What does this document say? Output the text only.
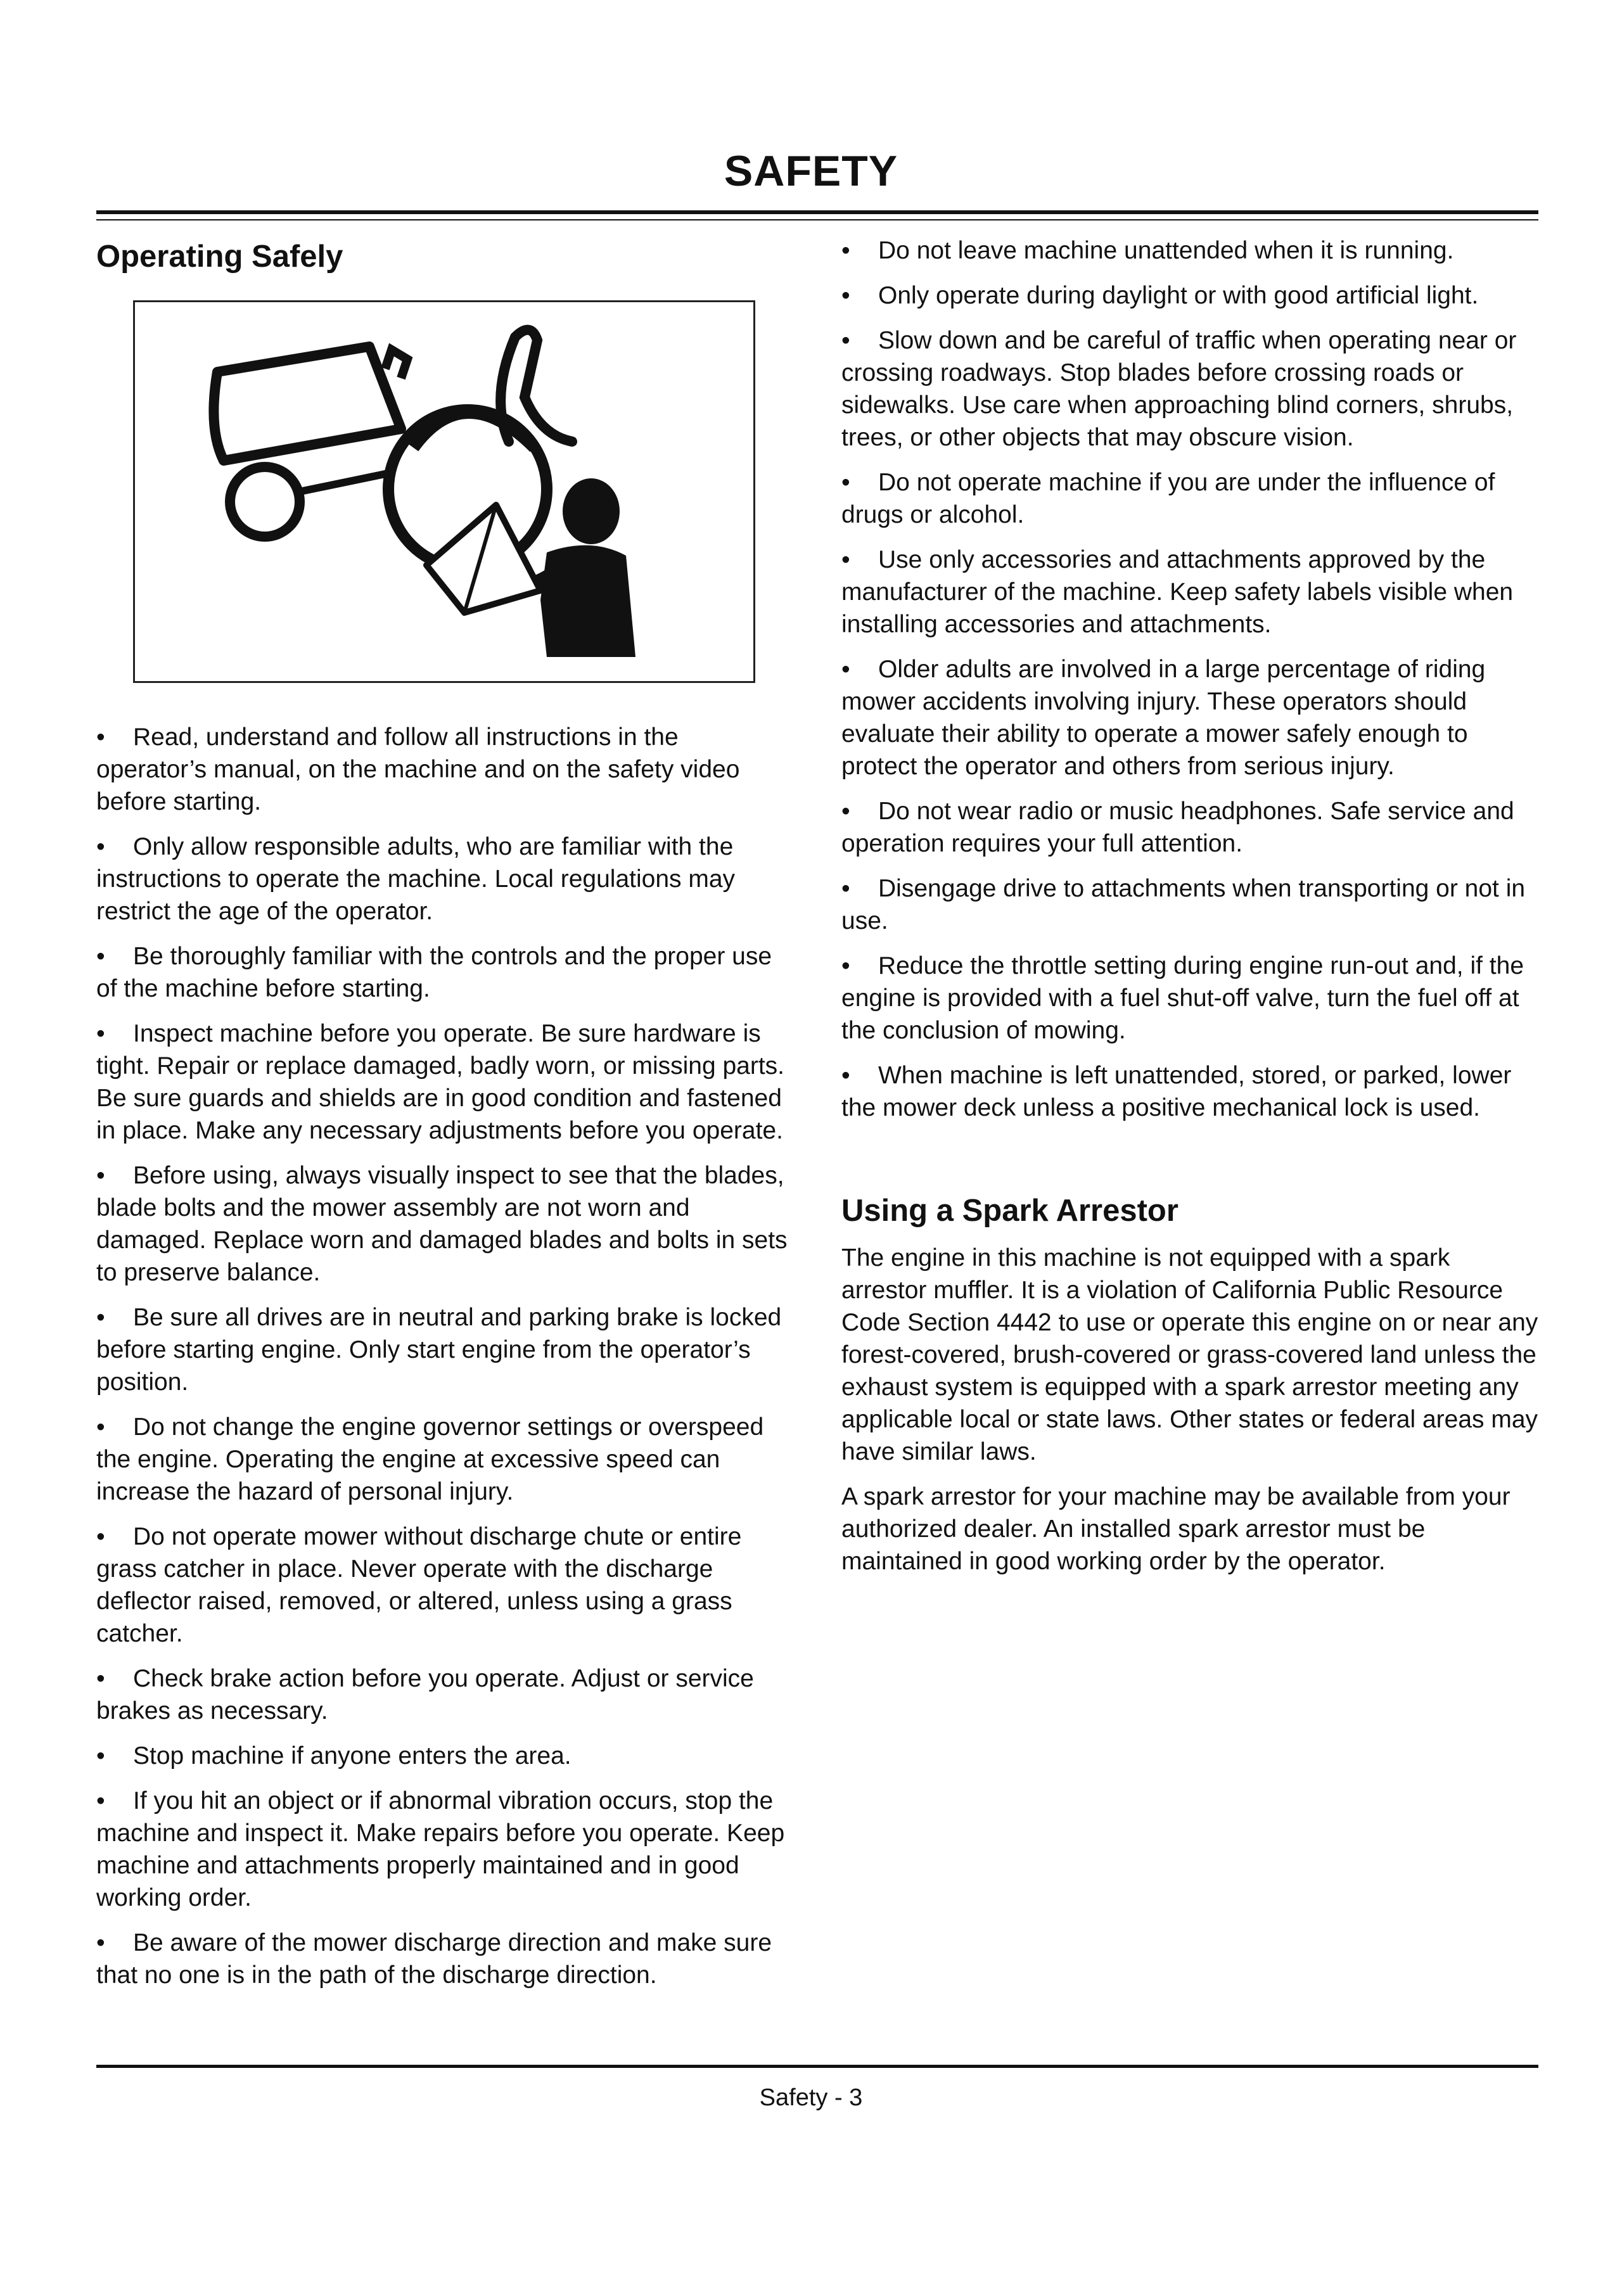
SAFETY
Operating Safely
• Read, understand and follow all instructions in the operator’s manual, on the machine and on the safety video before starting.
• Only allow responsible adults, who are familiar with the instructions to operate the machine. Local regulations may restrict the age of the operator.
• Be thoroughly familiar with the controls and the proper use of the machine before starting.
• Inspect machine before you operate. Be sure hardware is tight. Repair or replace damaged, badly worn, or missing parts. Be sure guards and shields are in good condition and fastened in place. Make any necessary adjustments before you operate.
• Before using, always visually inspect to see that the blades, blade bolts and the mower assembly are not worn and damaged. Replace worn and damaged blades and bolts in sets to preserve balance.
• Be sure all drives are in neutral and parking brake is locked before starting engine. Only start engine from the operator’s position.
• Do not change the engine governor settings or overspeed the engine. Operating the engine at excessive speed can increase the hazard of personal injury.
• Do not operate mower without discharge chute or entire grass catcher in place. Never operate with the discharge deflector raised, removed, or altered, unless using a grass catcher.
• Check brake action before you operate. Adjust or service brakes as necessary.
• Stop machine if anyone enters the area.
• If you hit an object or if abnormal vibration occurs, stop the machine and inspect it. Make repairs before you operate. Keep machine and attachments properly maintained and in good working order.
• Be aware of the mower discharge direction and make sure that no one is in the path of the discharge direction.
• Do not leave machine unattended when it is running.
• Only operate during daylight or with good artificial light.
• Slow down and be careful of traffic when operating near or crossing roadways. Stop blades before crossing roads or sidewalks. Use care when approaching blind corners, shrubs, trees, or other objects that may obscure vision.
• Do not operate machine if you are under the influence of drugs or alcohol.
• Use only accessories and attachments approved by the manufacturer of the machine. Keep safety labels visible when installing accessories and attachments.
• Older adults are involved in a large percentage of riding mower accidents involving injury. These operators should evaluate their ability to operate a mower safely enough to protect the operator and others from serious injury.
• Do not wear radio or music headphones. Safe service and operation requires your full attention.
• Disengage drive to attachments when transporting or not in use.
• Reduce the throttle setting during engine run-out and, if the engine is provided with a fuel shut-off valve, turn the fuel off at the conclusion of mowing.
• When machine is left unattended, stored, or parked, lower the mower deck unless a positive mechanical lock is used.
Using a Spark Arrestor

The engine in this machine is not equipped with a spark arrestor muffler. It is a violation of California Public Resource Code Section 4442 to use or operate this engine on or near any forest-covered, brush-covered or grass-covered land unless the exhaust system is equipped with a spark arrestor meeting any applicable local or state laws. Other states or federal areas may have similar laws.

A spark arrestor for your machine may be available from your authorized dealer. An installed spark arrestor must be maintained in good working order by the operator.

Safety - 3
